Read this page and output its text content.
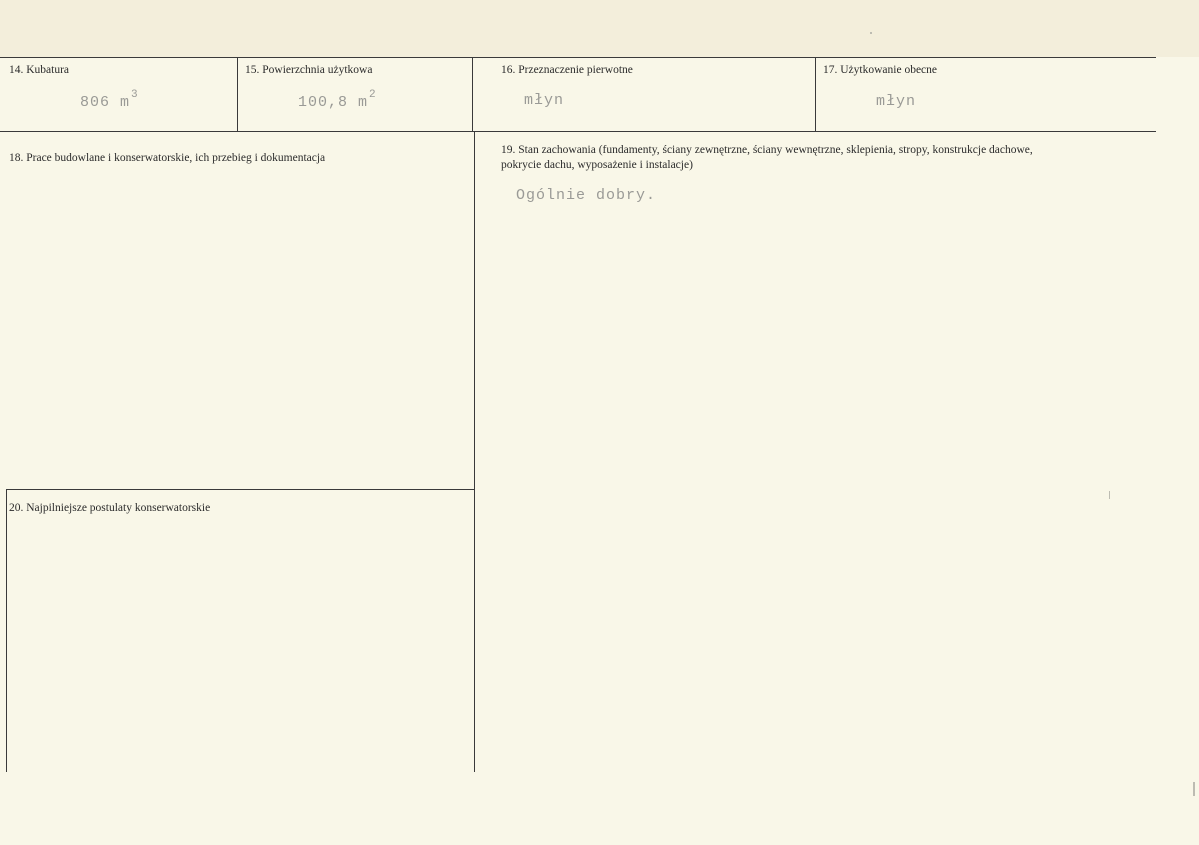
14. Kubatura
806 $m^3$
15. Powierzchnia użytkowa
100,8 $m^2$
16. Przeznaczenie pierwotne
młyn
17. Użytkowanie obecne
młyn
18. Prace budowlane i konserwatorskie, ich przebieg i dokumentacja
19. Stan zachowania (fundamenty, ściany zewnętrzne, ściany wewnętrzne, sklepienia, stropy, konstrukcje dachowe, pokrycie dachu, wyposażenie i instalacje)
Ogólnie dobry.
20. Najpilniejsze postulaty konserwatorskie
